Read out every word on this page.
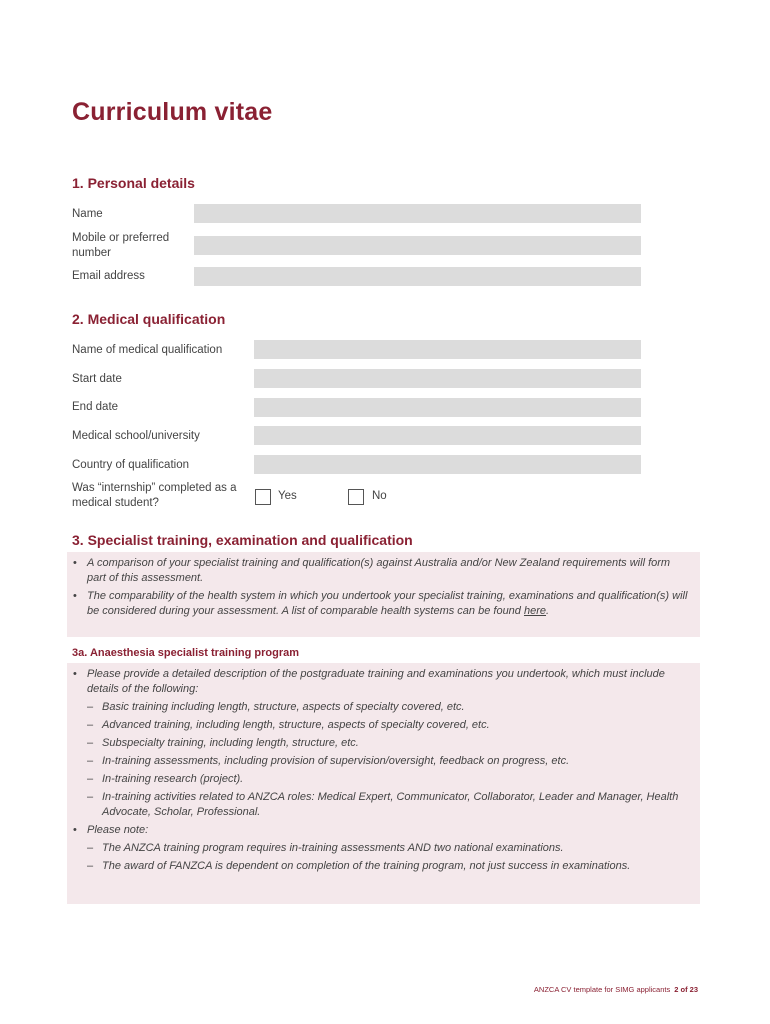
Curriculum vitae
1. Personal details
Name
Mobile or preferred number
Email address
2. Medical qualification
Name of medical qualification
Start date
End date
Medical school/university
Country of qualification
Was “internship” completed as a medical student?
Yes	No
3. Specialist training, examination and qualification
• A comparison of your specialist training and qualification(s) against Australia and/or New Zealand requirements will form part of this assessment.
• The comparability of the health system in which you undertook your specialist training, examinations and qualification(s) will be considered during your assessment. A list of comparable health systems can be found here.
3a. Anaesthesia specialist training program
• Please provide a detailed description of the postgraduate training and examinations you undertook, which must include details of the following:
– Basic training including length, structure, aspects of specialty covered, etc.
– Advanced training, including length, structure, aspects of specialty covered, etc.
– Subspecialty training, including length, structure, etc.
– In-training assessments, including provision of supervision/oversight, feedback on progress, etc.
– In-training research (project).
– In-training activities related to ANZCA roles: Medical Expert, Communicator, Collaborator, Leader and Manager, Health Advocate, Scholar, Professional.
• Please note:
– The ANZCA training program requires in-training assessments AND two national examinations.
– The award of FANZCA is dependent on completion of the training program, not just success in examinations.
ANZCA CV template for SIMG applicants 2 of 23
